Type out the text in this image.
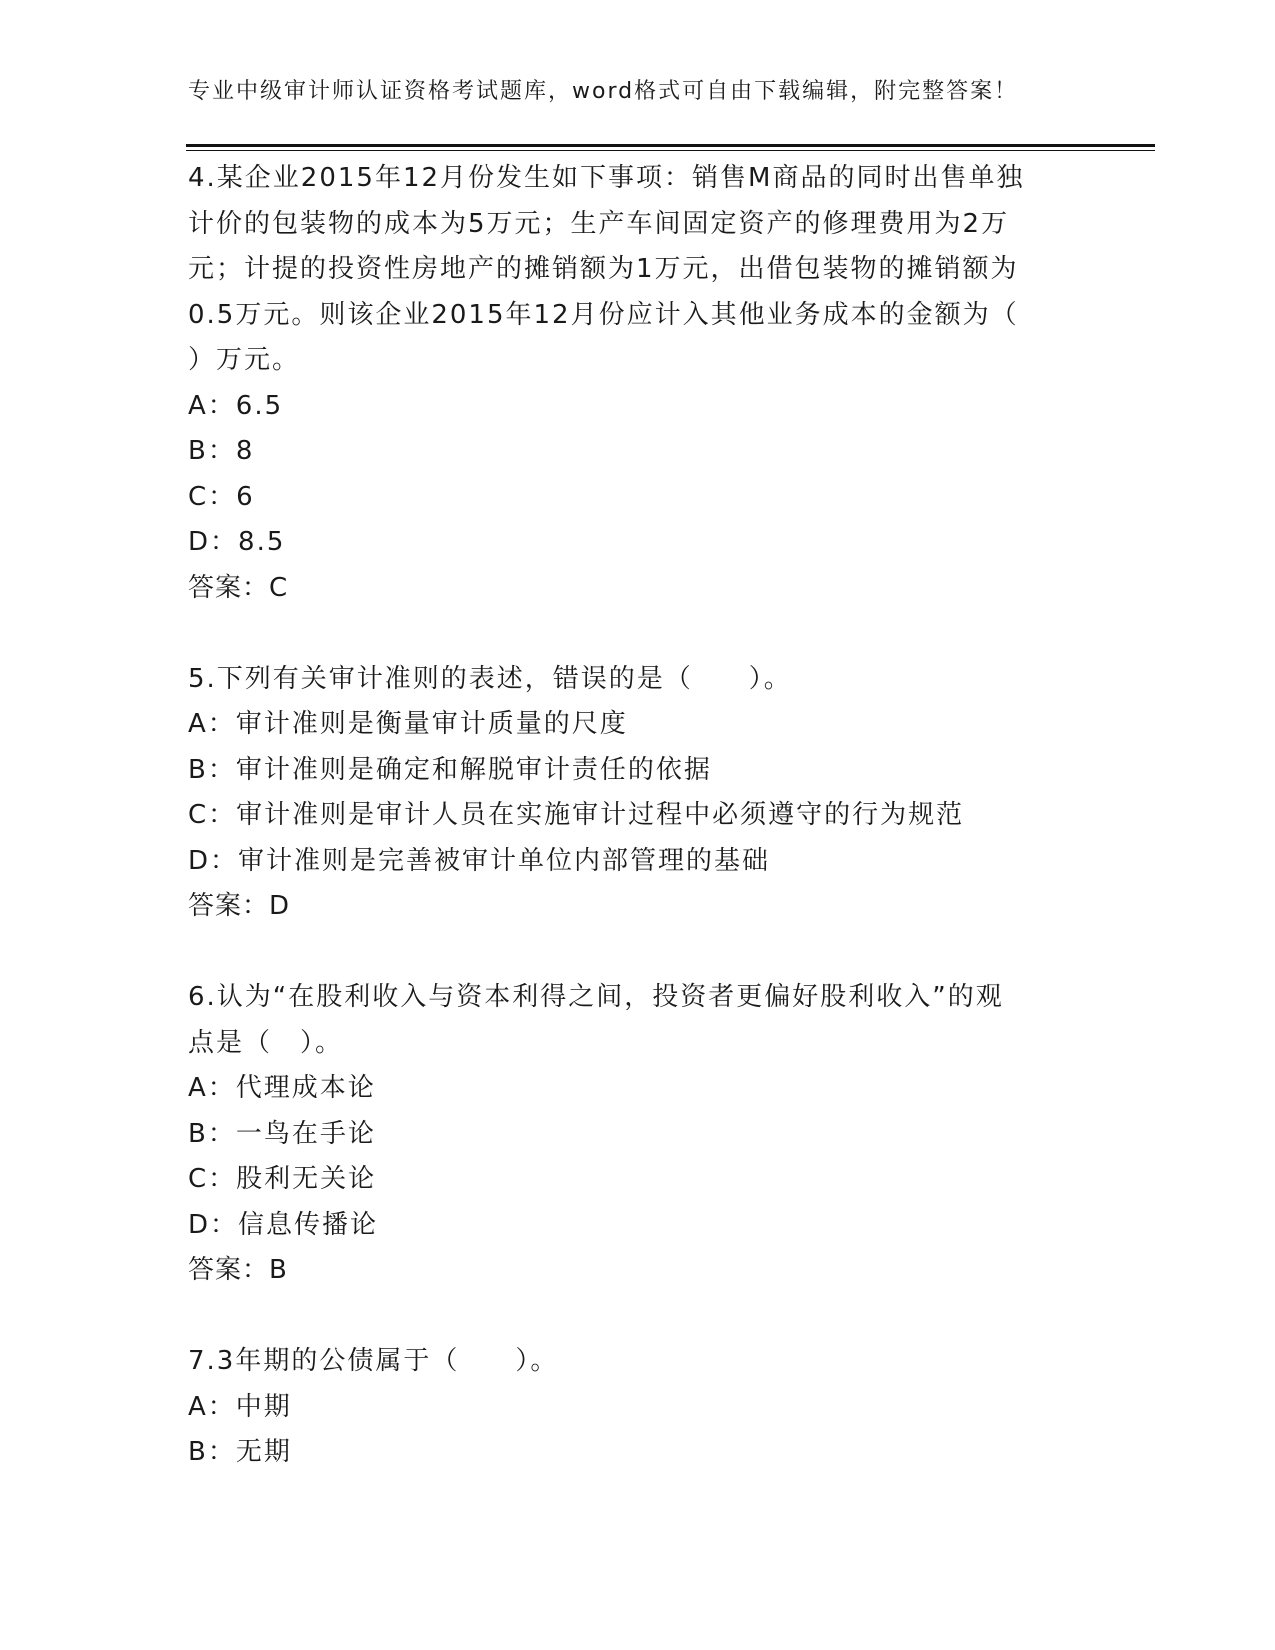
专业中级审计师认证资格考试题库，word格式可自由下载编辑，附完整答案！
4.某企业2015年12月份发生如下事项：销售M商品的同时出售单独
计价的包装物的成本为5万元；生产车间固定资产的修理费用为2万
元；计提的投资性房地产的摊销额为1万元，出借包装物的摊销额为
0.5万元。则该企业2015年12月份应计入其他业务成本的金额为（
）万元。
A：6.5
B：8
C：6
D：8.5
答案：C
5.下列有关审计准则的表述，错误的是（　　）。
A：审计准则是衡量审计质量的尺度
B：审计准则是确定和解脱审计责任的依据
C：审计准则是审计人员在实施审计过程中必须遵守的行为规范
D：审计准则是完善被审计单位内部管理的基础
答案：D
6.认为“在股利收入与资本利得之间，投资者更偏好股利收入”的观
点是（　）。
A：代理成本论
B：一鸟在手论
C：股利无关论
D：信息传播论
答案：B
7.3年期的公债属于（　　）。
A：中期
B：无期
